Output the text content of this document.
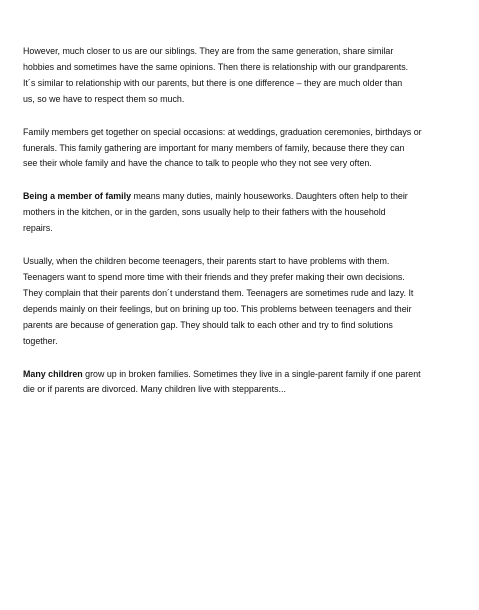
However, much closer to us are our siblings. They are from the same generation, share similar
hobbies and sometimes have the same opinions. Then there is relationship with our grandparents.
It´s similar to relationship with our parents, but there is one difference – they are much older than
us, so we have to respect them so much.

Family members get together on special occasions: at weddings, graduation ceremonies, birthdays or
funerals. This family gathering are important for many members of family, because there they can
see their whole family and have the chance to talk to people who they not see very often.

Being a member of family means many duties, mainly houseworks. Daughters often help to their
mothers in the kitchen, or in the garden, sons usually help to their fathers with the household
repairs.

Usually, when the children become teenagers, their parents start to have problems with them.
Teenagers want to spend more time with their friends and they prefer making their own decisions.
They complain that their parents don´t understand them. Teenagers are sometimes rude and lazy. It
depends mainly on their feelings, but on brining up too. This problems between teenagers and their
parents are because of generation gap. They should talk to each other and try to find solutions
together.

Many children grow up in broken families. Sometimes they live in a single-parent family if one parent
die or if parents are divorced. Many children live with stepparents...
